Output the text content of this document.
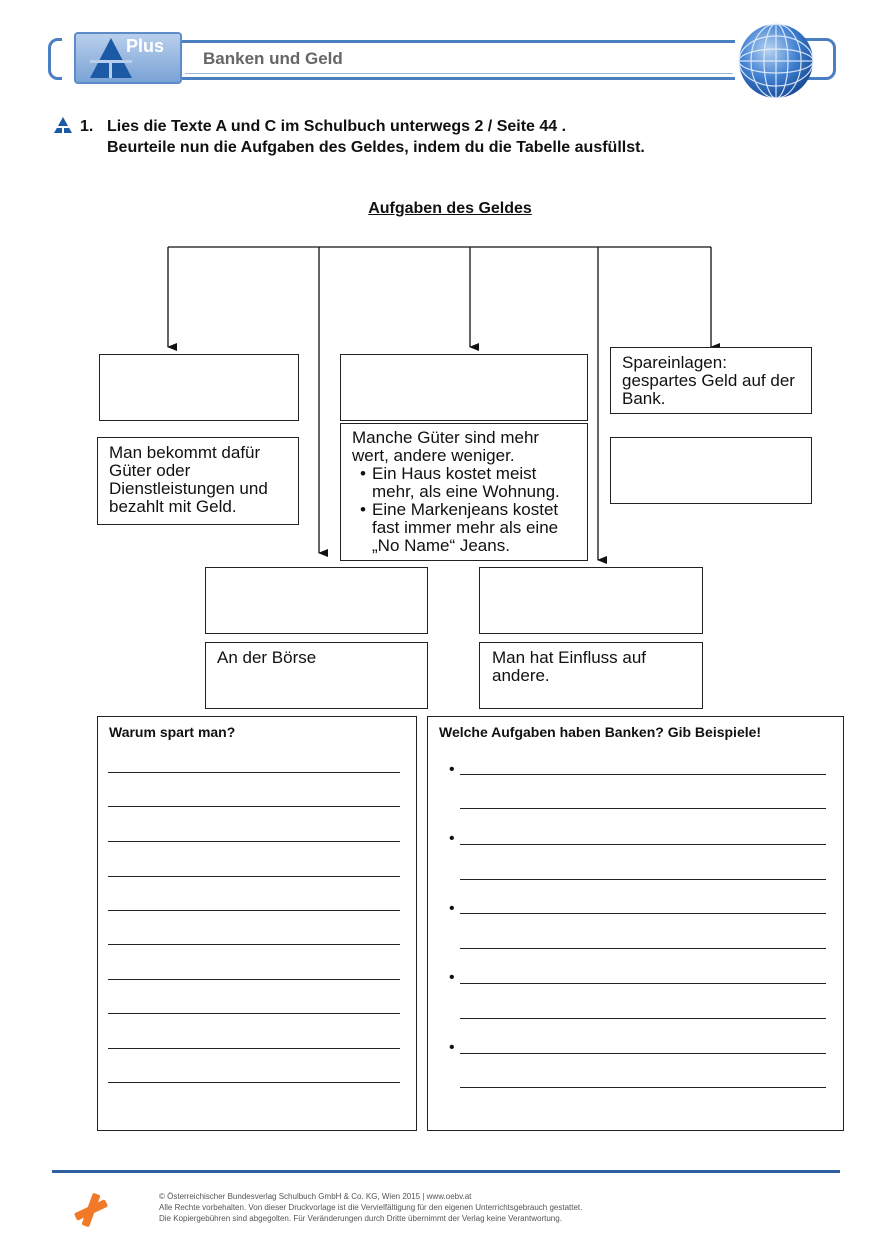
Plus
Banken und Geld
1. Lies die Texte A und C im Schulbuch unterwegs 2 / Seite 44 .
Beurteile nun die Aufgaben des Geldes, indem du die Tabelle ausfüllst.
Aufgaben des Geldes
Man bekommt dafür Güter oder Dienstleistungen und bezahlt mit Geld.
Manche Güter sind mehr wert, andere weniger.
• Ein Haus kostet meist mehr, als eine Wohnung.
• Eine Markenjeans kostet fast immer mehr als eine „No Name“ Jeans.
Spareinlagen: gespartes Geld auf der Bank.
An der Börse	Man hat Einfluss auf andere.
Warum spart man?	Welche Aufgaben haben Banken? Gib Beispiele!
•
•
•
•
•
© Österreichischer Bundesverlag Schulbuch GmbH & Co. KG, Wien 2015 | www.oebv.at
Alle Rechte vorbehalten. Von dieser Druckvorlage ist die Vervielfältigung für den eigenen Unterrichtsgebrauch gestattet.
Die Kopiergebühren sind abgegolten. Für Veränderungen durch Dritte übernimmt der Verlag keine Verantwortung.
